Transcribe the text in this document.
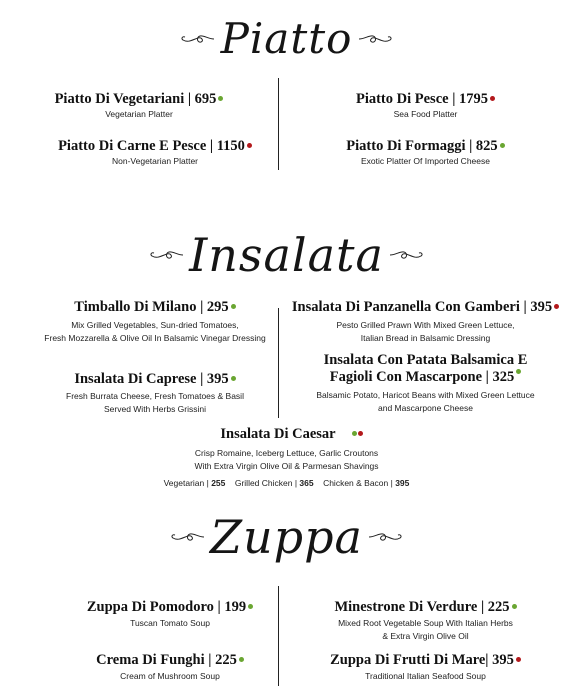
Piatto
Piatto Di Vegetariani | 695
Vegetarian Platter
Piatto Di Pesce | 1795
Sea Food Platter
Piatto Di Carne E Pesce | 1150
Non-Vegetarian Platter
Piatto Di Formaggi | 825
Exotic Platter Of Imported Cheese
Insalata
Timballo Di Milano | 295
Mix Grilled Vegetables, Sun-dried Tomatoes,
Fresh Mozzarella & Olive Oil In Balsamic Vinegar Dressing
Insalata Di Panzanella Con Gamberi | 395
Pesto Grilled Prawn With Mixed Green Lettuce,
Italian Bread in Balsamic Dressing
Insalata Di Caprese | 395
Fresh Burrata Cheese, Fresh Tomatoes & Basil
Served With Herbs Grissini
Insalata Con Patata Balsamica E
Fagioli Con Mascarpone | 325
Balsamic Potato, Haricot Beans with Mixed Green Lettuce
and Mascarpone Cheese
Insalata Di Caesar
Crisp Romaine, Iceberg Lettuce, Garlic Croutons
With Extra Virgin Olive Oil & Parmesan Shavings
Vegetarian | 255 Grilled Chicken | 365 Chicken & Bacon | 395
Zuppa
Zuppa Di Pomodoro | 199
Tuscan Tomato Soup
Minestrone Di Verdure | 225
Mixed Root Vegetable Soup With Italian Herbs
& Extra Virgin Olive Oil
Crema Di Funghi | 225
Cream of Mushroom Soup
Zuppa Di Frutti Di Mare| 395
Traditional Italian Seafood Soup
